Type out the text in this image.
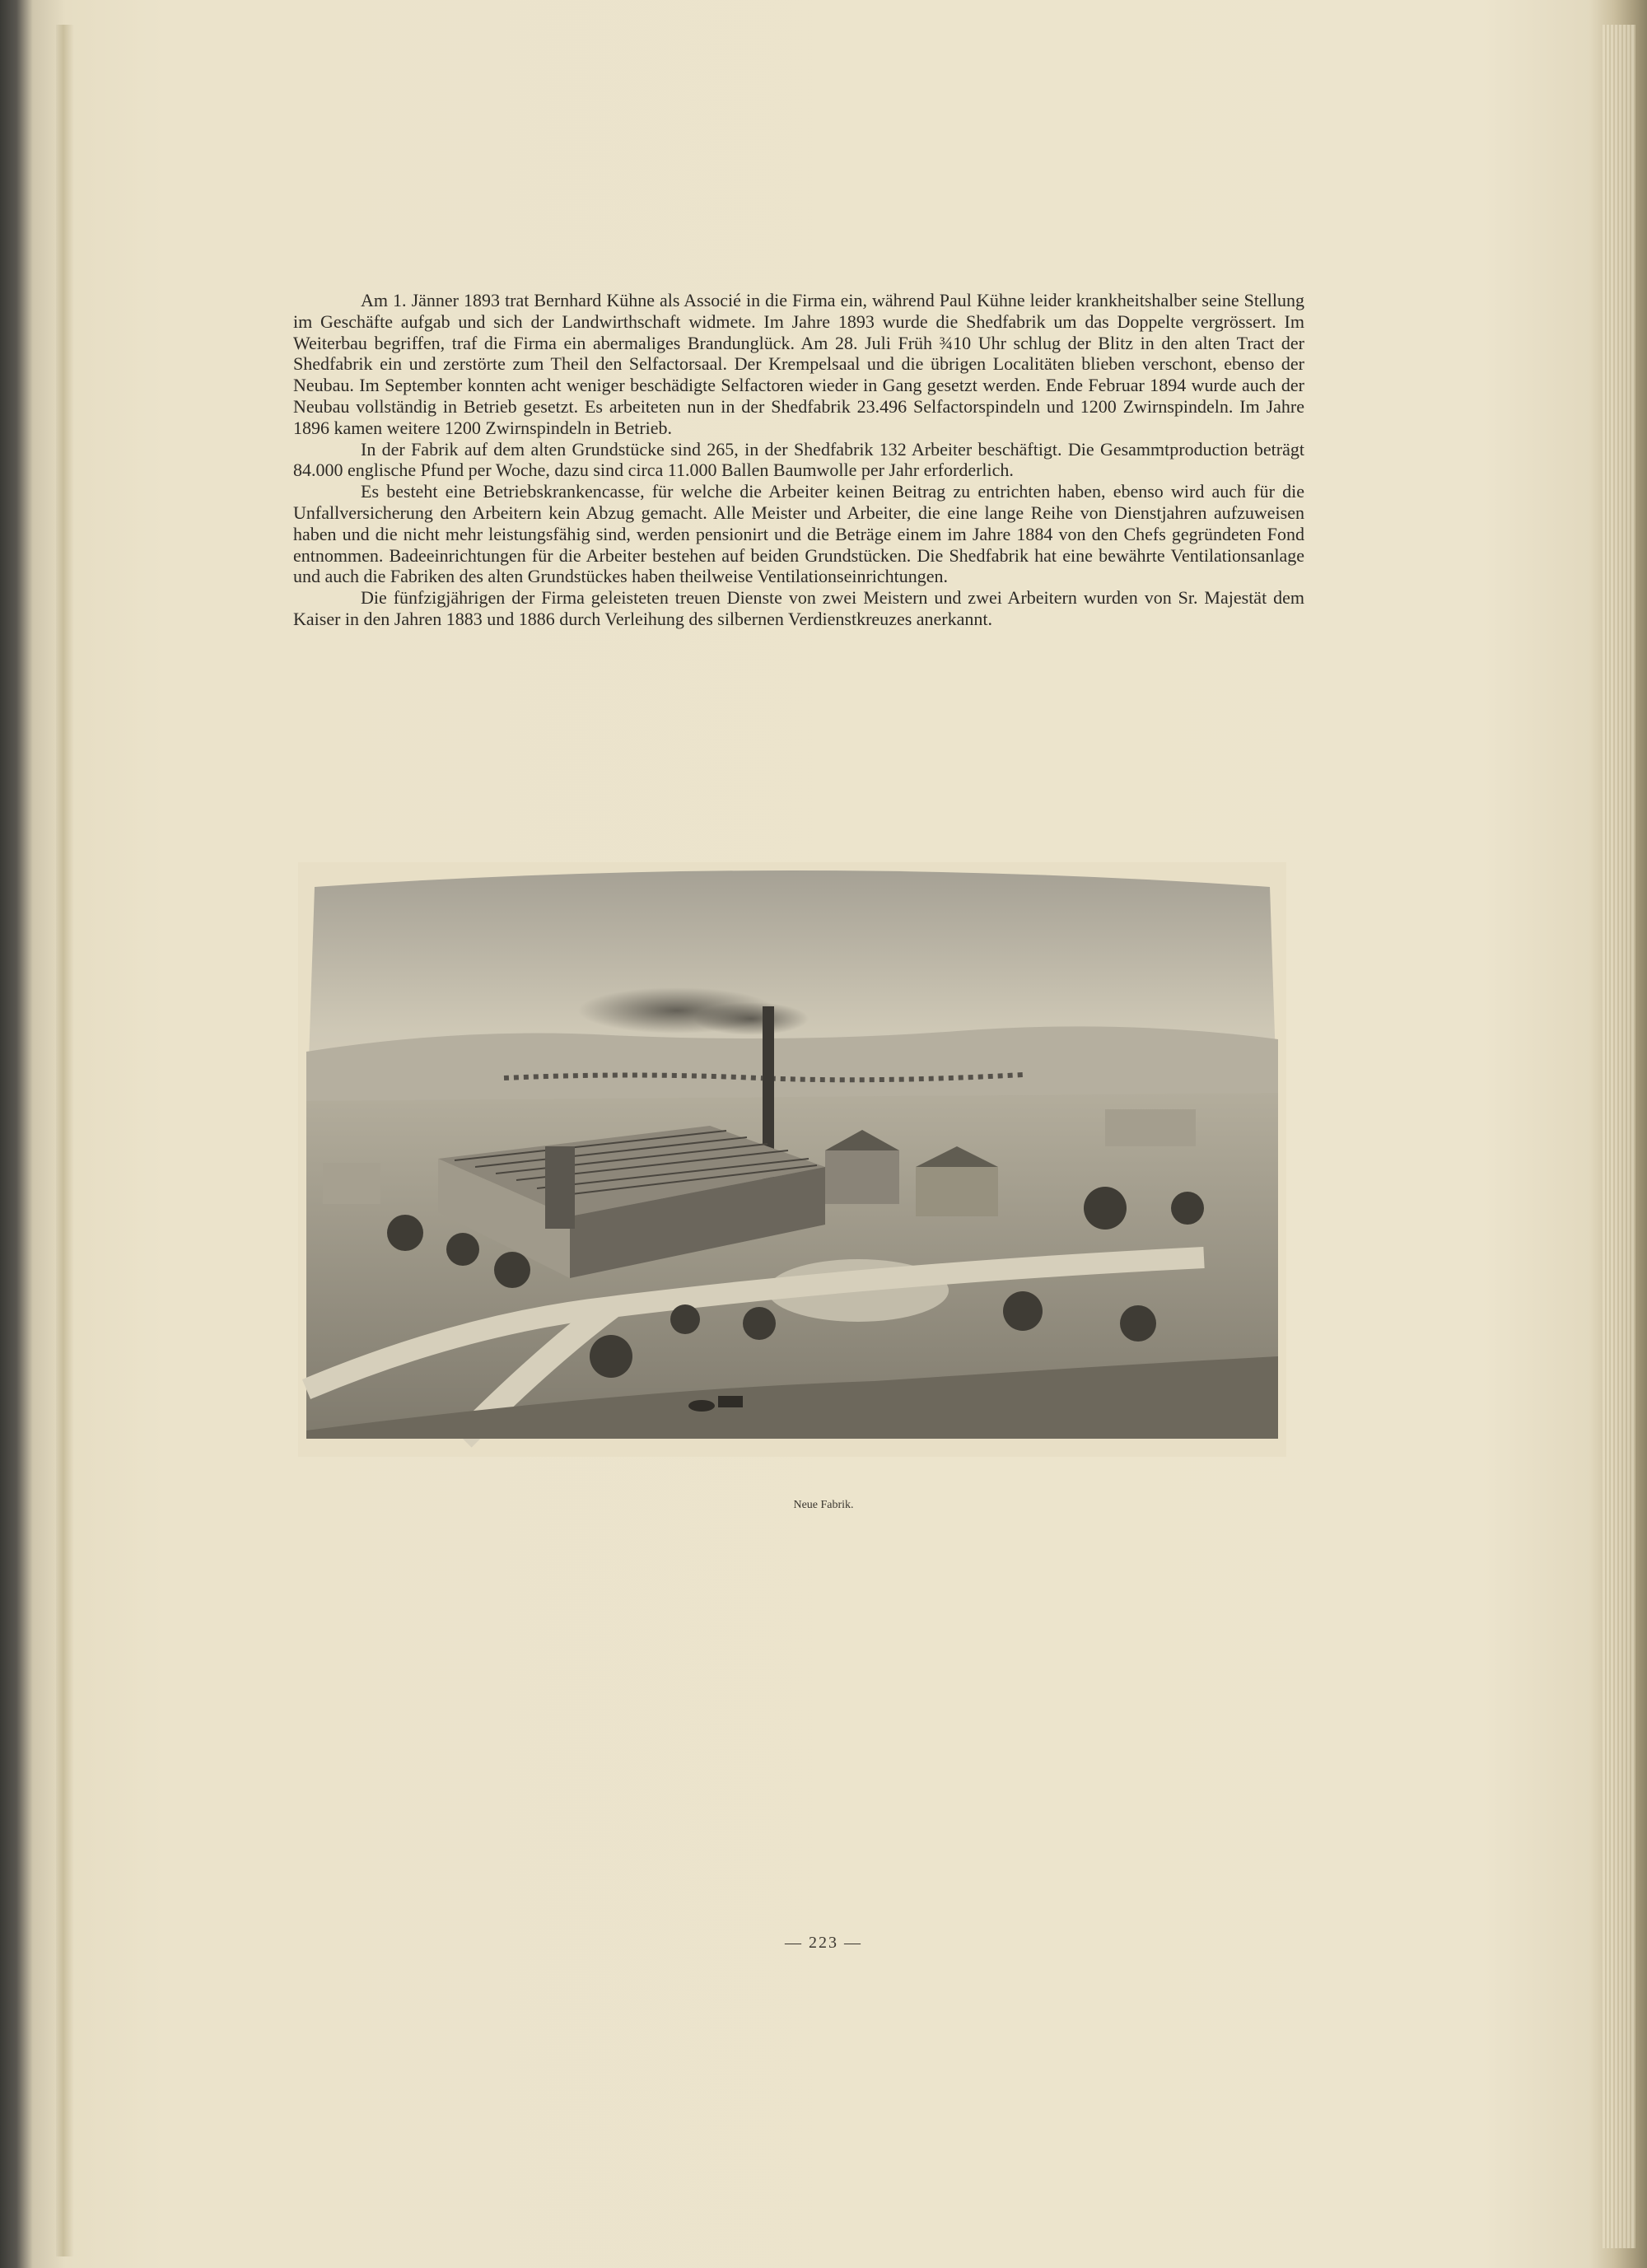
Am 1. Jänner 1893 trat Bernhard Kühne als Associé in die Firma ein, während Paul Kühne leider krankheitshalber seine Stellung im Geschäfte aufgab und sich der Landwirthschaft widmete. Im Jahre 1893 wurde die Shedfabrik um das Doppelte vergrössert. Im Weiterbau begriffen, traf die Firma ein abermaliges Brandunglück. Am 28. Juli Früh ¾10 Uhr schlug der Blitz in den alten Tract der Shedfabrik ein und zerstörte zum Theil den Selfactorsaal. Der Krempelsaal und die übrigen Localitäten blieben verschont, ebenso der Neubau. Im September konnten acht weniger beschädigte Selfactoren wieder in Gang gesetzt werden. Ende Februar 1894 wurde auch der Neubau vollständig in Betrieb gesetzt. Es arbeiteten nun in der Shedfabrik 23.496 Selfactorspindeln und 1200 Zwirnspindeln. Im Jahre 1896 kamen weitere 1200 Zwirnspindeln in Betrieb.

In der Fabrik auf dem alten Grundstücke sind 265, in der Shedfabrik 132 Arbeiter beschäftigt. Die Gesammtproduction beträgt 84.000 englische Pfund per Woche, dazu sind circa 11.000 Ballen Baumwolle per Jahr erforderlich.

Es besteht eine Betriebskrankencasse, für welche die Arbeiter keinen Beitrag zu entrichten haben, ebenso wird auch für die Unfallversicherung den Arbeitern kein Abzug gemacht. Alle Meister und Arbeiter, die eine lange Reihe von Dienstjahren aufzuweisen haben und die nicht mehr leistungsfähig sind, werden pensionirt und die Beträge einem im Jahre 1884 von den Chefs gegründeten Fond entnommen. Badeeinrichtungen für die Arbeiter bestehen auf beiden Grundstücken. Die Shedfabrik hat eine bewährte Ventilationsanlage und auch die Fabriken des alten Grundstückes haben theilweise Ventilationseinrichtungen.

Die fünfzigjährigen der Firma geleisteten treuen Dienste von zwei Meistern und zwei Arbeitern wurden von Sr. Majestät dem Kaiser in den Jahren 1883 und 1886 durch Verleihung des silbernen Verdienstkreuzes anerkannt.

Neue Fabrik.
— 223 —
